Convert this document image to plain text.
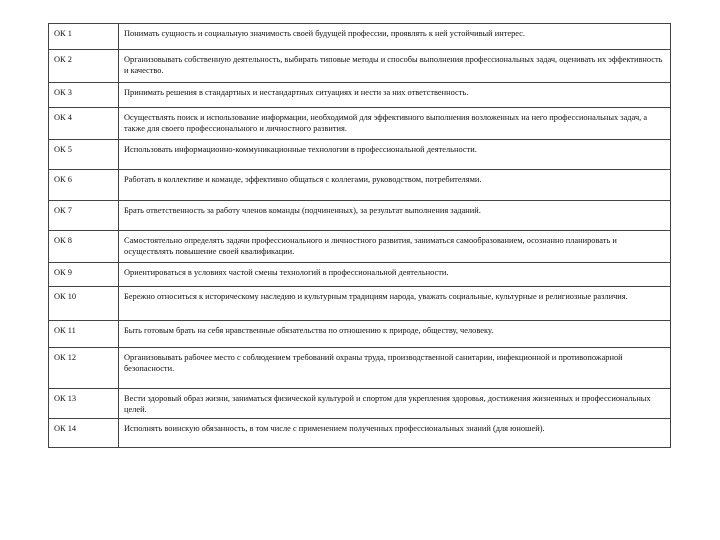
ОК 1	Понимать сущность и социальную значимость своей будущей профессии, проявлять к ней устойчивый интерес.
ОК 2	Организовывать собственную деятельность, выбирать типовые методы и способы выполнения профессиональных задач, оценивать их эффективность и качество.
ОК 3	Принимать решения в стандартных и нестандартных ситуациях и нести за них ответственность.
ОК 4	Осуществлять поиск и использование информации, необходимой для эффективного выполнения возложенных на него профессиональных задач, а также для своего профессионального и личностного развития.
ОК 5	Использовать информационно-коммуникационные технологии в профессиональной деятельности.
ОК 6	Работать в коллективе и команде, эффективно общаться с коллегами, руководством, потребителями.
ОК 7	Брать ответственность за работу членов команды (подчиненных), за результат выполнения заданий.
ОК 8	Самостоятельно определять задачи профессионального и личностного развития, заниматься самообразованием, осознанно планировать и осуществлять повышение своей квалификации.
ОК 9	Ориентироваться в условиях частой смены технологий в профессиональной деятельности.
ОК 10	Бережно относиться к историческому наследию и культурным традициям народа, уважать социальные, культурные и религиозные различия.
ОК 11	Быть готовым брать на себя нравственные обязательства по отношению к природе, обществу, человеку.
ОК 12	Организовывать рабочее место с соблюдением требований охраны труда, производственной санитарии, инфекционной и противопожарной безопасности.
ОК 13	Вести здоровый образ жизни, заниматься физической культурой и спортом для укрепления здоровья, достижения жизненных и профессиональных целей.
ОК 14	Исполнять воинскую обязанность, в том числе с применением полученных профессиональных знаний (для юношей).
